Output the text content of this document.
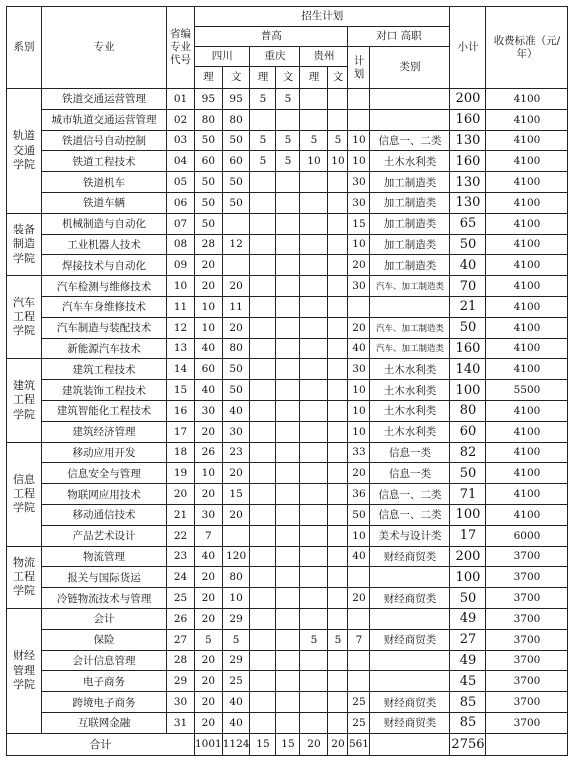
系别	专业	省编专业代号	招生计划								小计	收费标准（元/年）

			普高						对口 高职			
			四川		重庆		贵州		计划	类别		
			理	文	理	文	理	文				

轨道交通学院	铁道交通运营管理	01	95	95	5	5					200	4100
	城市轨道交通运营管理	02	80	80							160	4100
	铁道信号自动控制	03	50	50	5	5	5	5	10	信息一、二类	130	4100
	铁道工程技术	04	60	60	5	5	10	10	10	土木水利类	160	4100
	铁道机车	05	50	50					30	加工制造类	130	4100
	铁道车辆	06	50	50					30	加工制造类	130	4100

装备制造学院	机械制造与自动化	07	50						15	加工制造类	65	4100
	工业机器人技术	08	28	12					10	加工制造类	50	4100
	焊接技术与自动化	09	20						20	加工制造类	40	4100

汽车工程学院	汽车检测与维修技术	10	20	20					30	汽车、加工制造类	70	4100
	汽车车身维修技术	11	10	11							21	4100
	汽车制造与装配技术	12	10	20					20	汽车、加工制造类	50	4100
	新能源汽车技术	13	40	80					40	汽车、加工制造类	160	4100

建筑工程学院	建筑工程技术	14	60	50					30	土木水利类	140	4100
	建筑装饰工程技术	15	40	50					10	土木水利类	100	5500
	建筑智能化工程技术	16	30	40					10	土木水利类	80	4100
	建筑经济管理	17	20	30					10	土木水利类	60	4100

信息工程学院	移动应用开发	18	26	23					33	信息一类	82	4100
	信息安全与管理	19	10	20					20	信息一类	50	4100
	物联网应用技术	20	20	15					36	信息一、二类	71	4100
	移动通信技术	21	30	20					50	信息一、二类	100	4100
	产品艺术设计	22	7						10	美术与设计类	17	6000

物流工程学院	物流管理	23	40	120					40	财经商贸类	200	3700
	报关与国际货运	24	20	80							100	3700
	冷链物流技术与管理	25	20	10					20	财经商贸类	50	3700

财经管理学院	会计	26	20	29							49	3700
	保险	27	5	5			5	5	7	财经商贸类	27	3700
	会计信息管理	28	20	29							49	3700
	电子商务	29	20	25							45	3700
	跨境电子商务	30	20	40					25	财经商贸类	85	3700
	互联网金融	31	20	40					25	财经商贸类	85	3700
合计			1001	1124	15	15	20	20	561		2756	
